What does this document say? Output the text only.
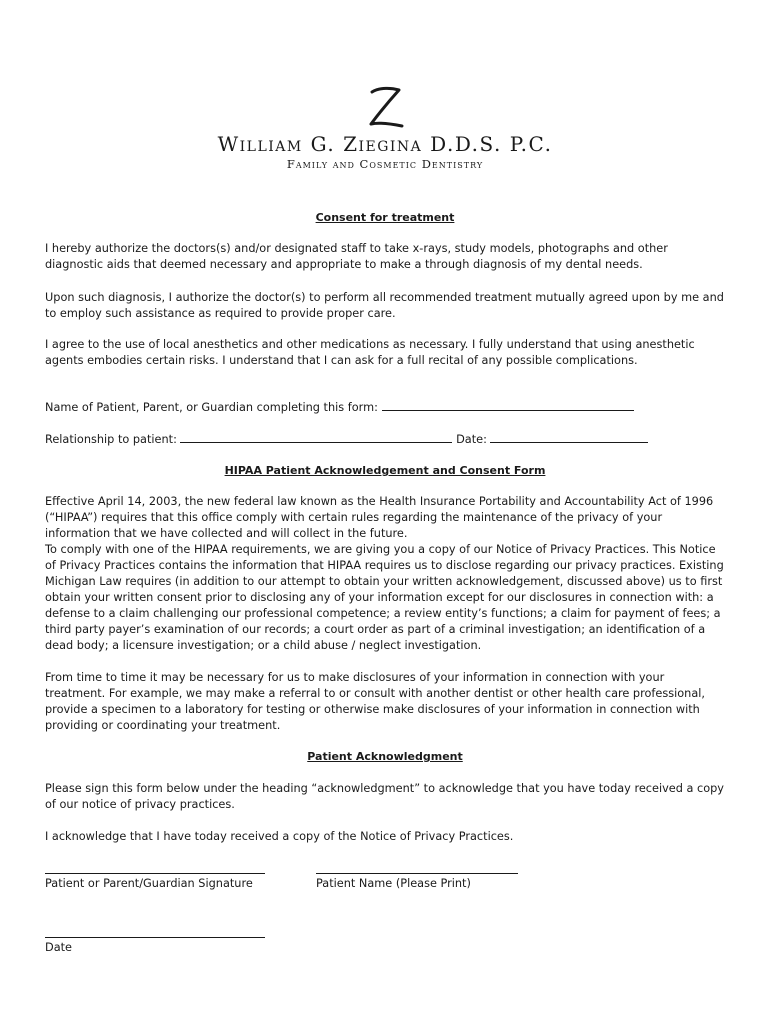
William G. Ziegina D.D.S. P.C.
Family and Cosmetic Dentistry
Consent for treatment

I hereby authorize the doctors(s) and/or designated staff to take x-rays, study models, photographs and other diagnostic aids that deemed necessary and appropriate to make a through diagnosis of my dental needs.

Upon such diagnosis, I authorize the doctor(s) to perform all recommended treatment mutually agreed upon by me and to employ such assistance as required to provide proper care.

I agree to the use of local anesthetics and other medications as necessary. I fully understand that using anesthetic agents embodies certain risks. I understand that I can ask for a full recital of any possible complications.

Name of Patient, Parent, or Guardian completing this form:
Relationship to patient:	Date:
HIPAA Patient Acknowledgement and Consent Form

Effective April 14, 2003, the new federal law known as the Health Insurance Portability and Accountability Act of 1996 (“HIPAA”) requires that this office comply with certain rules regarding the maintenance of the privacy of your information that we have collected and will collect in the future.

To comply with one of the HIPAA requirements, we are giving you a copy of our Notice of Privacy Practices. This Notice of Privacy Practices contains the information that HIPAA requires us to disclose regarding our privacy practices. Existing Michigan Law requires (in addition to our attempt to obtain your written acknowledgement, discussed above) us to first obtain your written consent prior to disclosing any of your information except for our disclosures in connection with: a defense to a claim challenging our professional competence; a review entity’s functions; a claim for payment of fees; a third party payer’s examination of our records; a court order as part of a criminal investigation; an identification of a dead body; a licensure investigation; or a child abuse / neglect investigation.

From time to time it may be necessary for us to make disclosures of your information in connection with your treatment. For example, we may make a referral to or consult with another dentist or other health care professional, provide a specimen to a laboratory for testing or otherwise make disclosures of your information in connection with providing or coordinating your treatment.

Patient Acknowledgment

Please sign this form below under the heading “acknowledgment” to acknowledge that you have today received a copy of our notice of privacy practices.

I acknowledge that I have today received a copy of the Notice of Privacy Practices.

Patient or Parent/Guardian Signature	Patient Name (Please Print)
Date
